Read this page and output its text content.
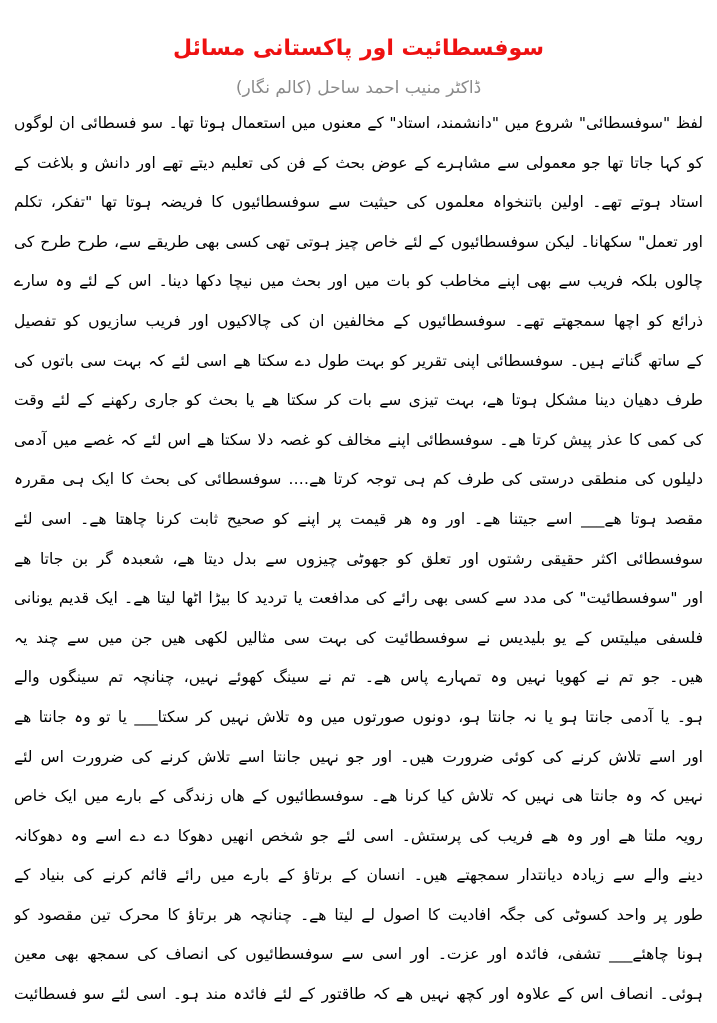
سوفسطائیت اور پاکستانی مسائل
ڈاکٹر منیب احمد ساحل (کالم نگار)
لفظ "سوفسطائی" شروع میں "دانشمند، استاد" کے معنوں میں استعمال ہوتا تھا۔ سو فسطائی ان لوگوں
کو کہا جاتا تھا جو معمولی سے مشاہرے کے عوض بحث کے فن کی تعلیم دیتے تھے اور دانش و بلاغت کے
استاد ہوتے تھے۔ اولین باتنخواہ معلموں کی حیثیت سے سوفسطائیوں کا فریضہ ہوتا تھا "تفکر، تکلم
اور تعمل" سکھانا۔ لیکن سوفسطائیوں کے لئے خاص چیز ہوتی تھی کسی بھی طریقے سے، طرح طرح کی
چالوں بلکہ فریب سے بھی اپنے مخاطب کو بات میں اور بحث میں نیچا دکھا دینا۔ اس کے لئے وہ سارے
ذرائع کو اچھا سمجھتے تھے۔ سوفسطائیوں کے مخالفین ان کی چالاکیوں اور فریب سازیوں کو تفصیل
کے ساتھ گناتے ہیں۔ سوفسطائی اپنی تقریر کو بہت طول دے سکتا ھے اسی لئے کہ بہت سی باتوں کی
طرف دھیان دینا مشکل ہوتا ھے، بہت تیزی سے بات کر سکتا ھے یا بحث کو جاری رکھنے کے لئے وقت
کی کمی کا عذر پیش کرتا ھے۔ سوفسطائی اپنے مخالف کو غصہ دلا سکتا ھے اس لئے کہ غصے میں آدمی
دلیلوں کی منطقی درستی کی طرف کم ہی توجہ کرتا ھے…. سوفسطائی کی بحث کا ایک ہی مقررہ
مقصد ہوتا ھے___ اسے جیتنا ھے۔ اور وہ ھر قیمت پر اپنے کو صحیح ثابت کرنا چاھتا ھے۔ اسی لئے
سوفسطائی اکثر حقیقی رشتوں اور تعلق کو جھوٹی چیزوں سے بدل دیتا ھے، شعبدہ گر بن جاتا ھے
اور "سوفسطائیت" کی مدد سے کسی بھی رائے کی مدافعت یا تردید کا بیڑا اٹھا لیتا ھے۔ ایک قدیم یونانی
فلسفی میلیتس کے یو بلیدیس نے سوفسطائیت کی بہت سی مثالیں لکھی ھیں جن میں سے چند یہ
ھیں۔ جو تم نے کھویا نہیں وہ تمہارے پاس ھے۔ تم نے سینگ کھوئے نہیں، چنانچہ تم سینگوں والے
ہو۔ یا آدمی جانتا ہو یا نہ جانتا ہو، دونوں صورتوں میں وہ تلاش نہیں کر سکتا___ یا تو وہ جانتا ھے
اور اسے تلاش کرنے کی کوئی ضرورت ھیں۔ اور جو نہیں جانتا اسے تلاش کرنے کی ضرورت اس لئے
نہیں کہ وہ جانتا ھی نہیں کہ تلاش کیا کرنا ھے۔ سوفسطائیوں کے ھاں زندگی کے بارے میں ایک خاص
رویہ ملتا ھے اور وہ ھے فریب کی پرستش۔ اسی لئے جو شخص انھیں دھوکا دے دے اسے وہ دھوکانہ
دینے والے سے زیادہ دیانتدار سمجھتے ھیں۔ انسان کے برتاؤ کے بارے میں رائے قائم کرنے کی بنیاد کے
طور پر واحد کسوٹی کی جگہ افادیت کا اصول لے لیتا ھے۔ چنانچہ ھر برتاؤ کا محرک تین مقصود کو
ہونا چاھئے___ تشفی، فائدہ اور عزت۔ اور اسی سے سوفسطائیوں کی انصاف کی سمجھ بھی معین
ہوئی۔ انصاف اس کے علاوہ اور کچھ نہیں ھے کہ طاقتور کے لئے فائدہ مند ہو۔ اسی لئے سو فسطائیت
